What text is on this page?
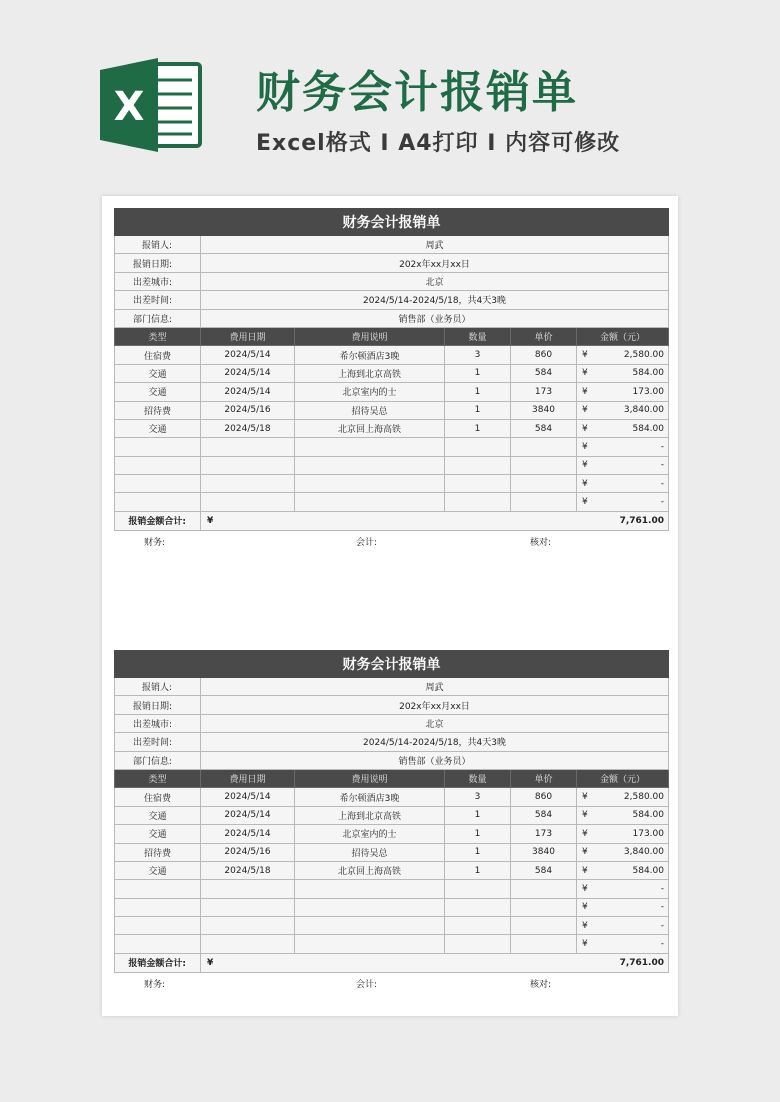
X	财务会计报销单
Excel格式 I A4打印 I 内容可修改
财务会计报销单					
报销人:	周武				
报销日期:	202x年xx月xx日				
出差城市:	北京				
出差时间:	2024/5/14-2024/5/18，共4天3晚				
部门信息:	销售部（业务员）				
类型	费用日期	费用说明	数量	单价	金额（元）
住宿费	2024/5/14	希尔顿酒店3晚	3	860	¥ 2,580.00

交通	2024/5/14	上海到北京高铁	1	584	¥ 584.00

交通	2024/5/14	北京室内的士	1	173	¥ 173.00

招待费	2024/5/16	招待吴总	1	3840	¥ 3,840.00

交通	2024/5/18	北京回上海高铁	1	584	¥ 584.00

					¥ -

					¥ -

					¥ -

					¥ -

报销金额合计:	¥ 7,761.00				
财务:	会计:	核对:
财务会计报销单					
报销人:	周武				
报销日期:	202x年xx月xx日				
出差城市:	北京				
出差时间:	2024/5/14-2024/5/18，共4天3晚				
部门信息:	销售部（业务员）				
类型	费用日期	费用说明	数量	单价	金额（元）
住宿费	2024/5/14	希尔顿酒店3晚	3	860	¥ 2,580.00

交通	2024/5/14	上海到北京高铁	1	584	¥ 584.00

交通	2024/5/14	北京室内的士	1	173	¥ 173.00

招待费	2024/5/16	招待吴总	1	3840	¥ 3,840.00

交通	2024/5/18	北京回上海高铁	1	584	¥ 584.00

					¥ -

					¥ -

					¥ -

					¥ -

报销金额合计:	¥ 7,761.00				
财务:	会计:	核对:
